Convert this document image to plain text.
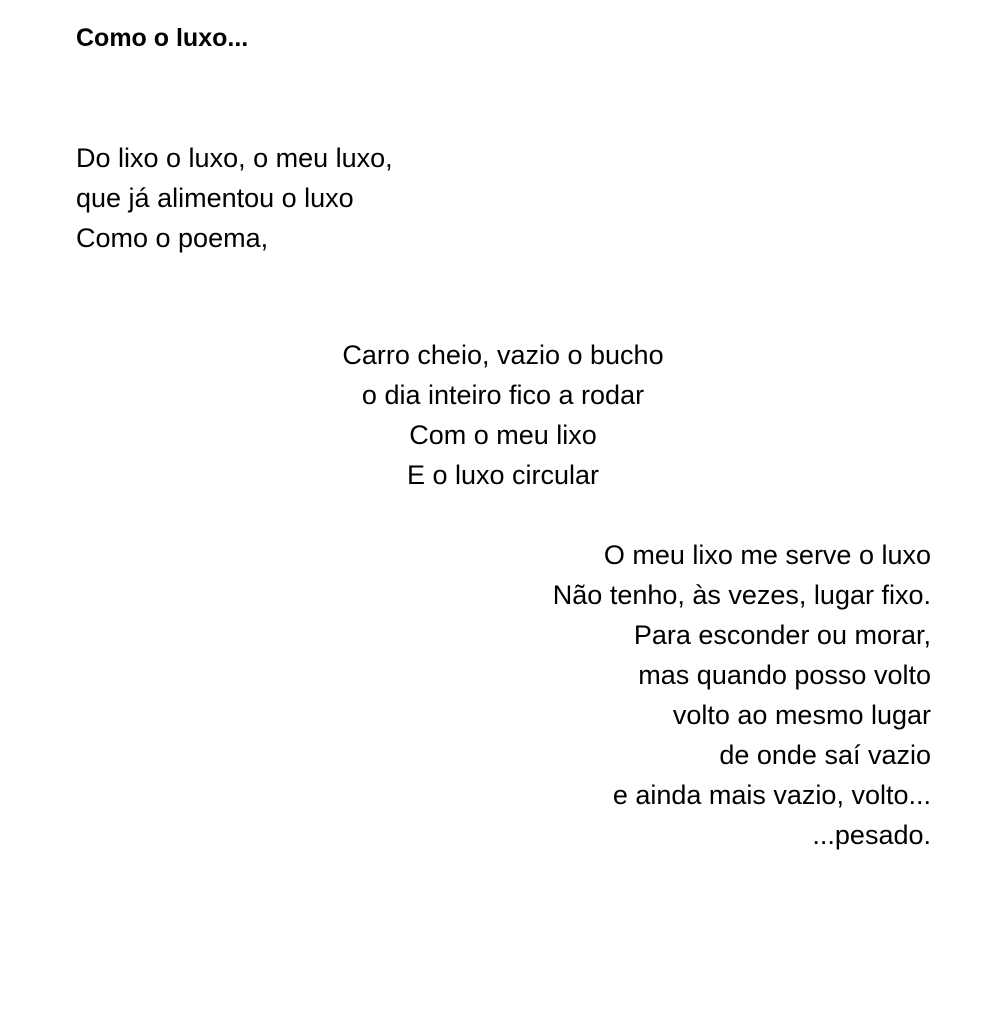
Como o luxo...
Do lixo o luxo, o meu luxo,
que já alimentou o luxo
Como o poema,
Carro cheio, vazio o bucho
o dia inteiro fico a rodar
Com o meu lixo
E o luxo circular
O meu lixo me serve o luxo
Não tenho, às vezes, lugar fixo.
Para esconder ou morar,
mas quando posso volto
volto ao mesmo lugar
de onde saí vazio
e ainda mais vazio, volto...
...pesado.
